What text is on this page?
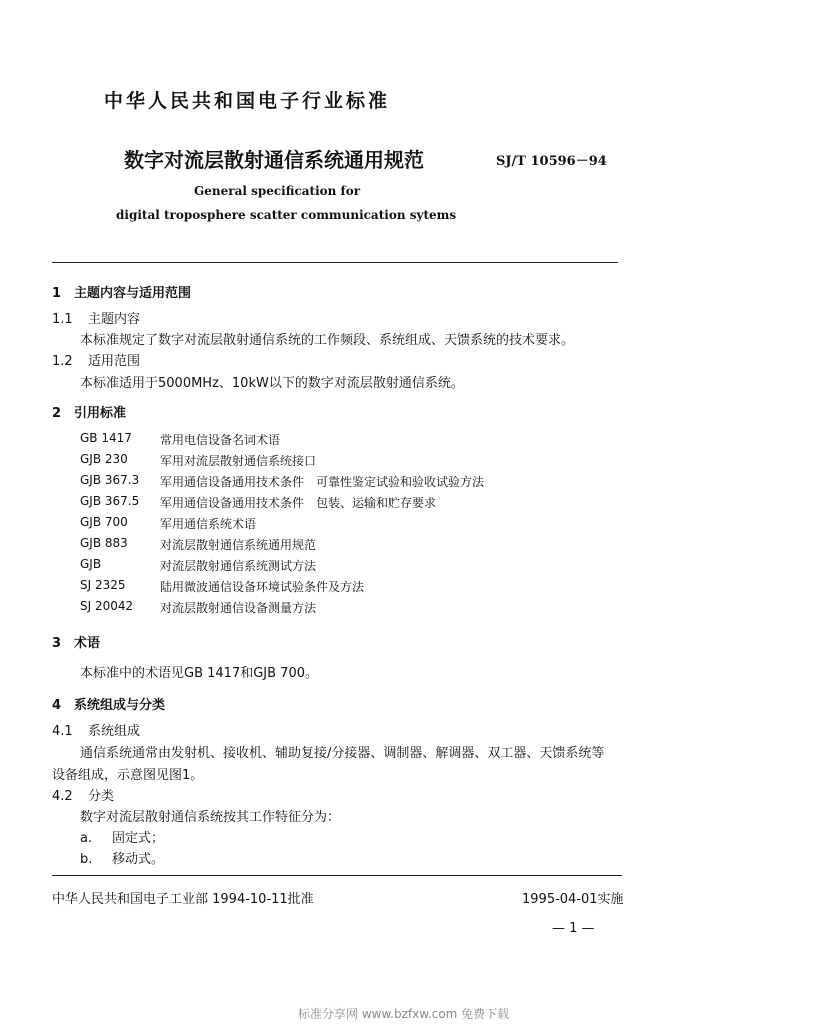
中华人民共和国电子行业标准
数字对流层散射通信系统通用规范	SJ/T 10596－94
General specification for
digital troposphere scatter communication sytems
1 主题内容与适用范围
1.1 主题内容
本标准规定了数字对流层散射通信系统的工作频段、系统组成、天馈系统的技术要求。
1.2 适用范围
本标准适用于5000MHz、10kW以下的数字对流层散射通信系统。
2 引用标准
GB 1417 常用电信设备名词术语
GJB 230	军用对流层散射通信系统接口
GJB 367.3 军用通信设备通用技术条件　可靠性鉴定试验和验收试验方法
GJB 367.5 军用通信设备通用技术条件　包装、运输和贮存要求
GJB 700	军用通信系统术语
GJB 883	对流层散射通信系统通用规范
GJB	对流层散射通信系统测试方法
SJ 2325	陆用微波通信设备环境试验条件及方法
SJ 20042 对流层散射通信设备测量方法
3 术语
本标准中的术语见GB 1417和GJB 700。
4 系统组成与分类
4.1 系统组成
通信系统通常由发射机、接收机、辅助复接/分接器、调制器、解调器、双工器、天馈系统等
设备组成，示意图见图1。
4.2 分类
数字对流层散射通信系统按其工作特征分为：
a. 固定式；
b. 移动式。
中华人民共和国电子工业部 1994-10-11批准	1995-04-01实施
— 1 —
标准分享网 www.bzfxw.com 免费下载
